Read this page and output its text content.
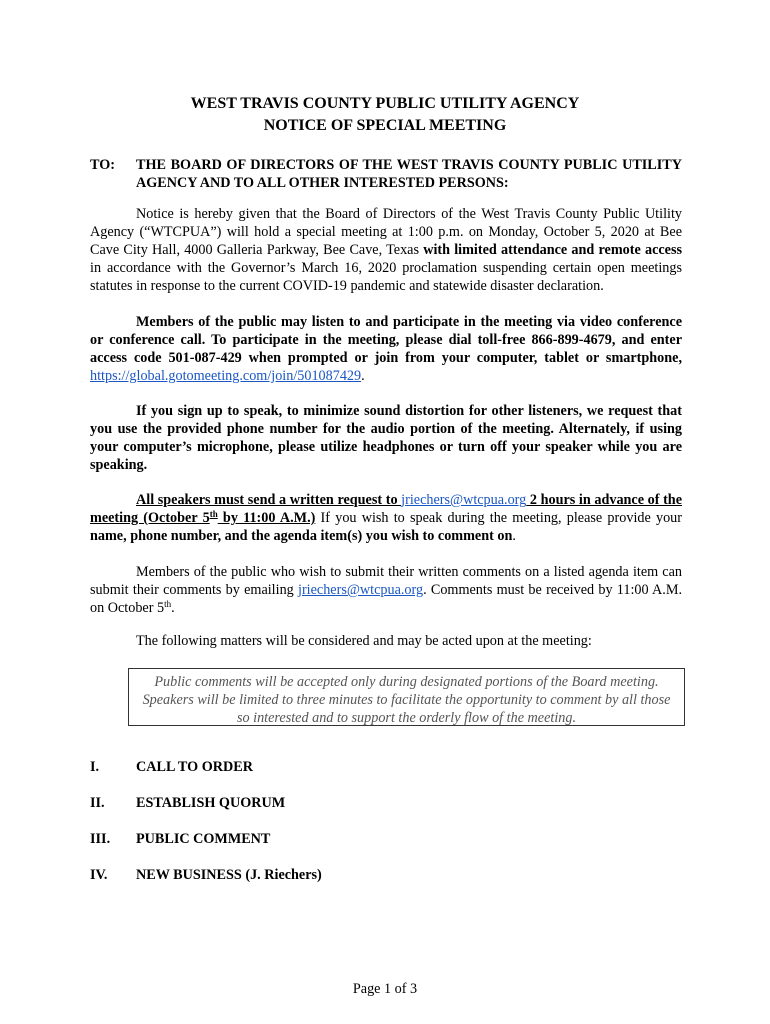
WEST TRAVIS COUNTY PUBLIC UTILITY AGENCY
NOTICE OF SPECIAL MEETING
TO: THE BOARD OF DIRECTORS OF THE WEST TRAVIS COUNTY PUBLIC UTILITY AGENCY AND TO ALL OTHER INTERESTED PERSONS:
Notice is hereby given that the Board of Directors of the West Travis County Public Utility Agency (“WTCPUA”) will hold a special meeting at 1:00 p.m. on Monday, October 5, 2020 at Bee Cave City Hall, 4000 Galleria Parkway, Bee Cave, Texas with limited attendance and remote access in accordance with the Governor’s March 16, 2020 proclamation suspending certain open meetings statutes in response to the current COVID-19 pandemic and statewide disaster declaration.
Members of the public may listen to and participate in the meeting via video conference or conference call. To participate in the meeting, please dial toll-free 866-899-4679, and enter access code 501-087-429 when prompted or join from your computer, tablet or smartphone, https://global.gotomeeting.com/join/501087429.
If you sign up to speak, to minimize sound distortion for other listeners, we request that you use the provided phone number for the audio portion of the meeting. Alternately, if using your computer’s microphone, please utilize headphones or turn off your speaker while you are speaking.
All speakers must send a written request to jriechers@wtcpua.org 2 hours in advance of the meeting (October 5th by 11:00 A.M.) If you wish to speak during the meeting, please provide your name, phone number, and the agenda item(s) you wish to comment on.
Members of the public who wish to submit their written comments on a listed agenda item can submit their comments by emailing jriechers@wtcpua.org. Comments must be received by 11:00 A.M. on October 5th.
The following matters will be considered and may be acted upon at the meeting:
Public comments will be accepted only during designated portions of the Board meeting. Speakers will be limited to three minutes to facilitate the opportunity to comment by all those so interested and to support the orderly flow of the meeting.
I.	CALL TO ORDER
II. ESTABLISH QUORUM
III. PUBLIC COMMENT
IV. NEW BUSINESS (J. Riechers)
Page 1 of 3
